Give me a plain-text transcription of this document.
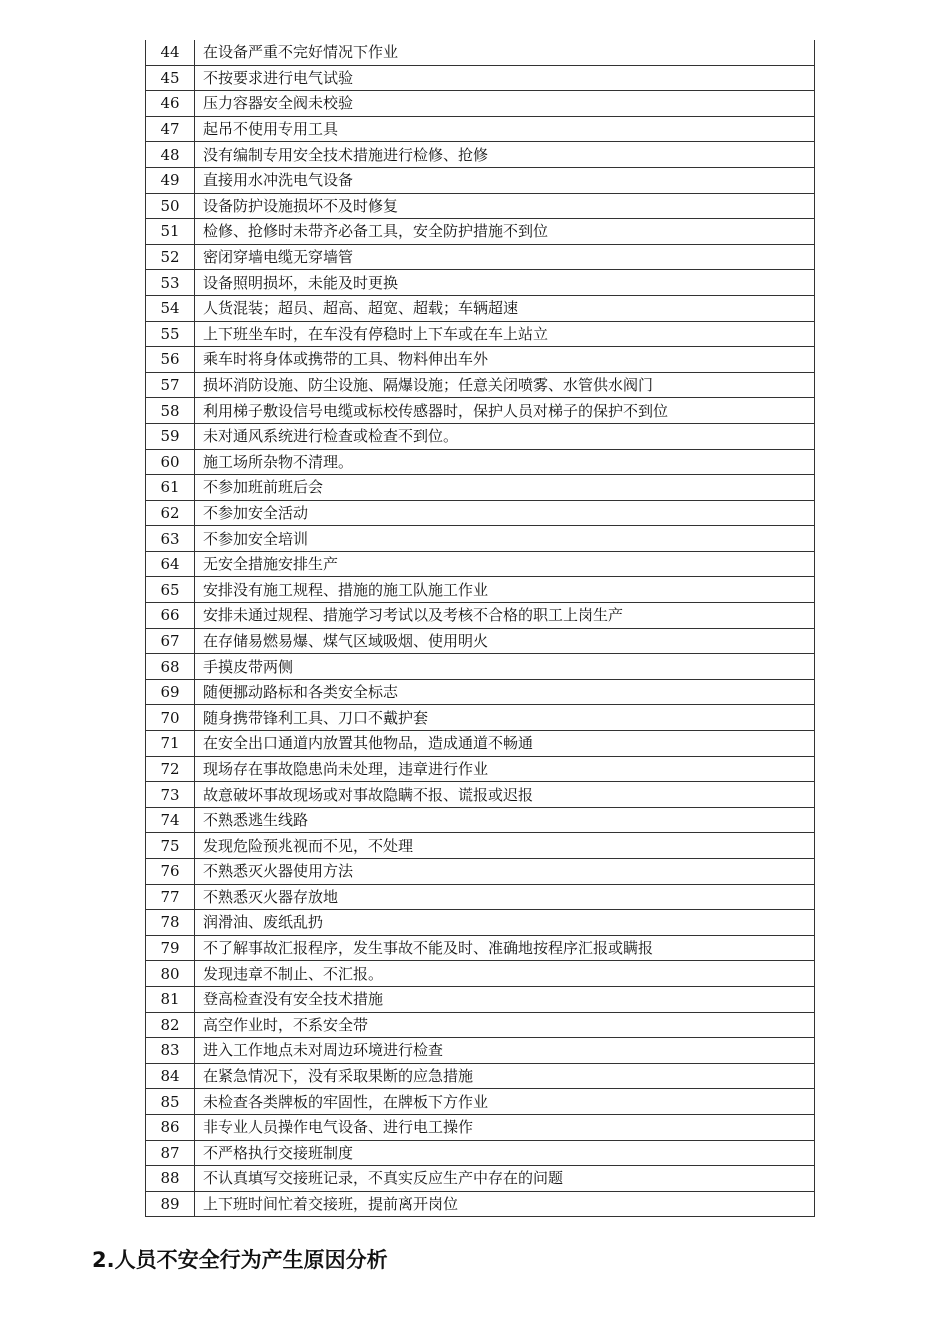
44	在设备严重不完好情况下作业
45	不按要求进行电气试验
46	压力容器安全阀未校验
47	起吊不使用专用工具
48	没有编制专用安全技术措施进行检修、抢修
49	直接用水冲洗电气设备
50	设备防护设施损坏不及时修复
51	检修、抢修时未带齐必备工具，安全防护措施不到位
52	密闭穿墙电缆无穿墙管
53	设备照明损坏，未能及时更换
54	人货混装；超员、超高、超宽、超载；车辆超速
55	上下班坐车时，在车没有停稳时上下车或在车上站立
56	乘车时将身体或携带的工具、物料伸出车外
57	损坏消防设施、防尘设施、隔爆设施；任意关闭喷雾、水管供水阀门
58	利用梯子敷设信号电缆或标校传感器时，保护人员对梯子的保护不到位
59	未对通风系统进行检查或检查不到位。
60	施工场所杂物不清理。
61	不参加班前班后会
62	不参加安全活动
63	不参加安全培训
64	无安全措施安排生产
65	安排没有施工规程、措施的施工队施工作业
66	安排未通过规程、措施学习考试以及考核不合格的职工上岗生产
67	在存储易燃易爆、煤气区域吸烟、使用明火
68	手摸皮带两侧
69	随便挪动路标和各类安全标志
70	随身携带锋利工具、刀口不戴护套
71	在安全出口通道内放置其他物品，造成通道不畅通
72	现场存在事故隐患尚未处理，违章进行作业
73	故意破坏事故现场或对事故隐瞒不报、谎报或迟报
74	不熟悉逃生线路
75	发现危险预兆视而不见，不处理
76	不熟悉灭火器使用方法
77	不熟悉灭火器存放地
78	润滑油、废纸乱扔
79	不了解事故汇报程序，发生事故不能及时、准确地按程序汇报或瞒报
80	发现违章不制止、不汇报。
81	登高检查没有安全技术措施
82	高空作业时，不系安全带
83	进入工作地点未对周边环境进行检查
84	在紧急情况下，没有采取果断的应急措施
85	未检查各类牌板的牢固性，在牌板下方作业
86	非专业人员操作电气设备、进行电工操作
87	不严格执行交接班制度
88	不认真填写交接班记录，不真实反应生产中存在的问题
89	上下班时间忙着交接班，提前离开岗位
2.人员不安全行为产生原因分析
